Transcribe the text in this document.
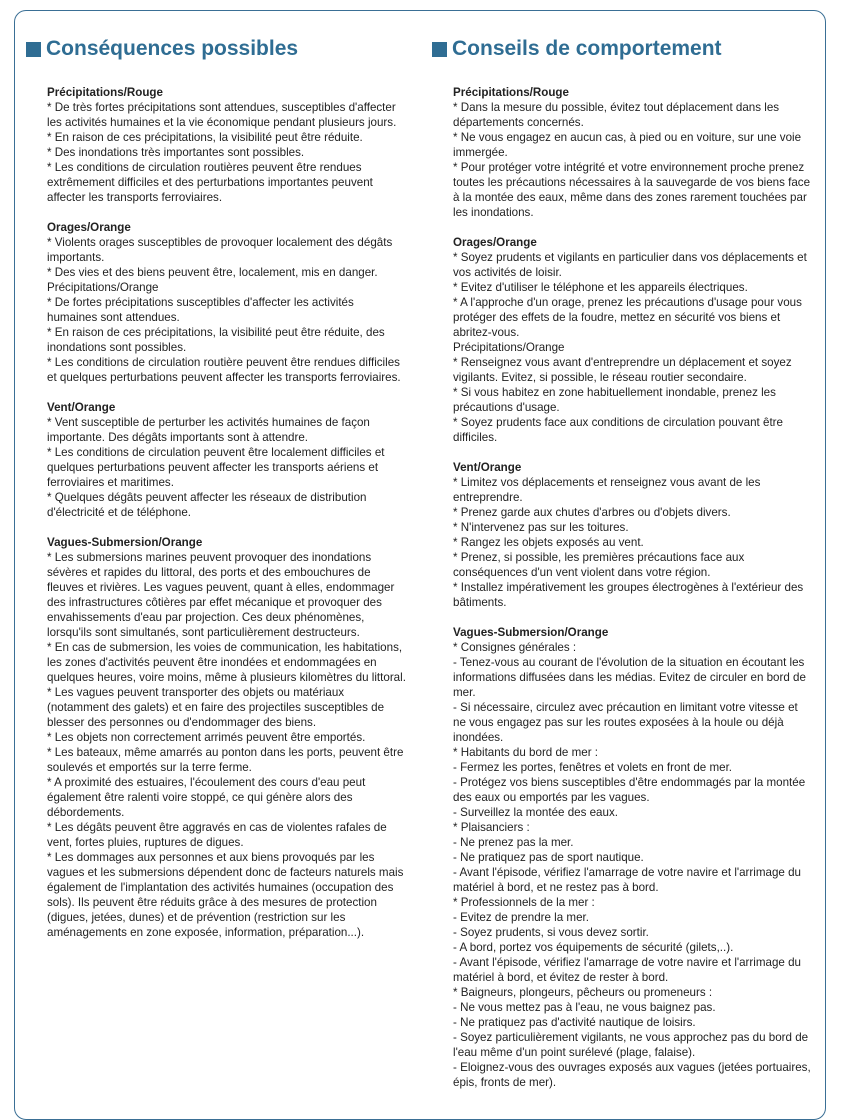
Conséquences possibles
Précipitations/Rouge
* De très fortes précipitations sont attendues, susceptibles d'affecter les activités humaines et la vie économique pendant plusieurs jours.
* En raison de ces précipitations, la visibilité peut être réduite.
* Des inondations très importantes sont possibles.
* Les conditions de circulation routières peuvent être rendues extrêmement difficiles et des perturbations importantes peuvent affecter les transports ferroviaires.
Orages/Orange
* Violents orages susceptibles de provoquer localement des dégâts importants.
* Des vies et des biens peuvent être, localement, mis en danger.
Précipitations/Orange
* De fortes précipitations susceptibles d'affecter les activités humaines sont attendues.
* En raison de ces précipitations, la visibilité peut être réduite, des inondations sont possibles.
* Les conditions de circulation routière peuvent être rendues difficiles et quelques perturbations peuvent affecter les transports ferroviaires.
Vent/Orange
* Vent susceptible de perturber les activités humaines de façon importante. Des dégâts importants sont à attendre.
* Les conditions de circulation peuvent être localement difficiles et quelques perturbations peuvent affecter les transports aériens et ferroviaires et maritimes.
* Quelques dégâts peuvent affecter les réseaux de distribution d'électricité et de téléphone.
Vagues-Submersion/Orange
* Les submersions marines peuvent provoquer des inondations sévères et rapides du littoral, des ports et des embouchures de fleuves et rivières. Les vagues peuvent, quant à elles, endommager des infrastructures côtières par effet mécanique et provoquer des envahissements d'eau par projection. Ces deux phénomènes, lorsqu'ils sont simultanés, sont particulièrement destructeurs.
* En cas de submersion, les voies de communication, les habitations, les zones d'activités peuvent être inondées et endommagées en quelques heures, voire moins, même à plusieurs kilomètres du littoral.
* Les vagues peuvent transporter des objets ou matériaux (notamment des galets) et en faire des projectiles susceptibles de blesser des personnes ou d'endommager des biens.
* Les objets non correctement arrimés peuvent être emportés.
* Les bateaux, même amarrés au ponton dans les ports, peuvent être soulevés et emportés sur la terre ferme.
* A proximité des estuaires, l'écoulement des cours d'eau peut également être ralenti voire stoppé, ce qui génère alors des débordements.
* Les dégâts peuvent être aggravés en cas de violentes rafales de vent, fortes pluies, ruptures de digues.
* Les dommages aux personnes et aux biens provoqués par les vagues et les submersions dépendent donc de facteurs naturels mais également de l'implantation des activités humaines (occupation des sols). Ils peuvent être réduits grâce à des mesures de protection (digues, jetées, dunes) et de prévention (restriction sur les aménagements en zone exposée, information, préparation...).
Conseils de comportement
Précipitations/Rouge
* Dans la mesure du possible, évitez tout déplacement dans les départements concernés.
* Ne vous engagez en aucun cas, à pied ou en voiture, sur une voie immergée.
* Pour protéger votre intégrité et votre environnement proche prenez toutes les précautions nécessaires à la sauvegarde de vos biens face à la montée des eaux, même dans des zones rarement touchées par les inondations.
Orages/Orange
* Soyez prudents et vigilants en particulier dans vos déplacements et vos activités de loisir.
* Evitez d'utiliser le téléphone et les appareils électriques.
* A l'approche d'un orage, prenez les précautions d'usage pour vous protéger des effets de la foudre, mettez en sécurité vos biens et abritez-vous.
Précipitations/Orange
* Renseignez vous avant d'entreprendre un déplacement et soyez vigilants. Evitez, si possible, le réseau routier secondaire.
* Si vous habitez en zone habituellement inondable, prenez les précautions d'usage.
* Soyez prudents face aux conditions de circulation pouvant être difficiles.
Vent/Orange
* Limitez vos déplacements et renseignez vous avant de les entreprendre.
* Prenez garde aux chutes d'arbres ou d'objets divers.
* N'intervenez pas sur les toitures.
* Rangez les objets exposés au vent.
* Prenez, si possible, les premières précautions face aux conséquences d'un vent violent dans votre région.
* Installez impérativement les groupes électrogènes à l'extérieur des bâtiments.
Vagues-Submersion/Orange
* Consignes générales :
- Tenez-vous au courant de l'évolution de la situation en écoutant les informations diffusées dans les médias. Evitez de circuler en bord de mer.
- Si nécessaire, circulez avec précaution en limitant votre vitesse et ne vous engagez pas sur les routes exposées à la houle ou déjà inondées.
* Habitants du bord de mer :
- Fermez les portes, fenêtres et volets en front de mer.
- Protégez vos biens susceptibles d'être endommagés par la montée des eaux ou emportés par les vagues.
- Surveillez la montée des eaux.
* Plaisanciers :
- Ne prenez pas la mer.
- Ne pratiquez pas de sport nautique.
- Avant l'épisode, vérifiez l'amarrage de votre navire et l'arrimage du matériel à bord, et ne restez pas à bord.
* Professionnels de la mer :
- Evitez de prendre la mer.
- Soyez prudents, si vous devez sortir.
- A bord, portez vos équipements de sécurité (gilets,..).
- Avant l'épisode, vérifiez l'amarrage de votre navire et l'arrimage du matériel à bord, et évitez de rester à bord.
* Baigneurs, plongeurs, pêcheurs ou promeneurs :
- Ne vous mettez pas à l'eau, ne vous baignez pas.
- Ne pratiquez pas d'activité nautique de loisirs.
- Soyez particulièrement vigilants, ne vous approchez pas du bord de l'eau même d'un point surélevé (plage, falaise).
- Eloignez-vous des ouvrages exposés aux vagues (jetées portuaires, épis, fronts de mer).
